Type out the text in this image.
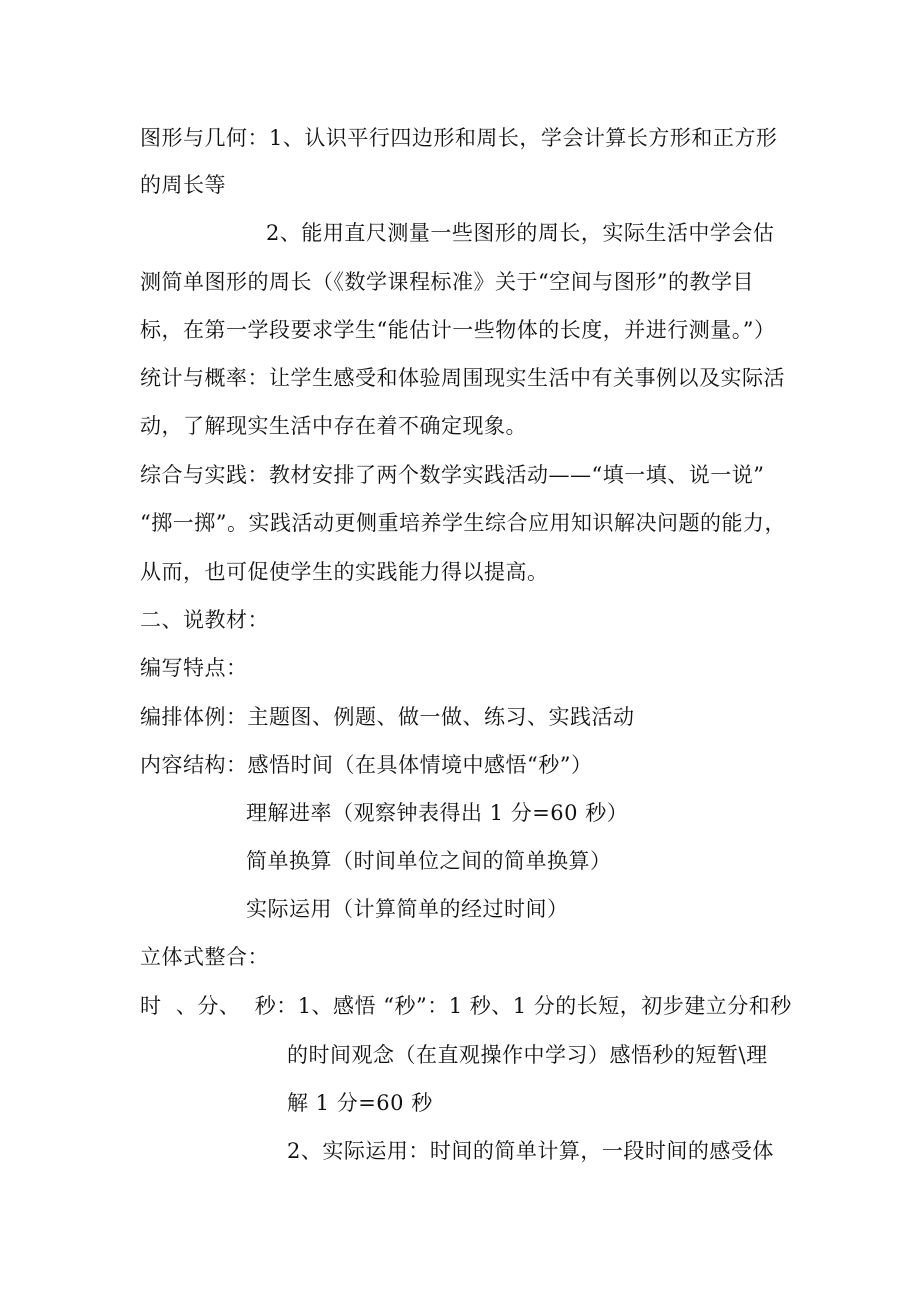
图形与几何：1、认识平行四边形和周长，学会计算长方形和正方形
的周长等
2、能用直尺测量一些图形的周长，实际生活中学会估
测简单图形的周长（《数学课程标准》关于“空间与图形”的教学目
标，在第一学段要求学生“能估计一些物体的长度，并进行测量。”）
统计与概率：让学生感受和体验周围现实生活中有关事例以及实际活
动，了解现实生活中存在着不确定现象。
综合与实践：教材安排了两个数学实践活动——“填一填、说一说”
“掷一掷”。实践活动更侧重培养学生综合应用知识解决问题的能力，
从而，也可促使学生的实践能力得以提高。
二、说教材：
编写特点：
编排体例：主题图、例题、做一做、练习、实践活动
内容结构：感悟时间（在具体情境中感悟“秒”）
理解进率（观察钟表得出 1 分=60 秒）
简单换算（时间单位之间的简单换算）
实际运用（计算简单的经过时间）
立体式整合：
时  、分、  秒：1、感悟 “秒”：1 秒、1 分的长短，初步建立分和秒
的时间观念（在直观操作中学习）感悟秒的短暂\理
解 1 分=60 秒
2、实际运用：时间的简单计算，一段时间的感受体
